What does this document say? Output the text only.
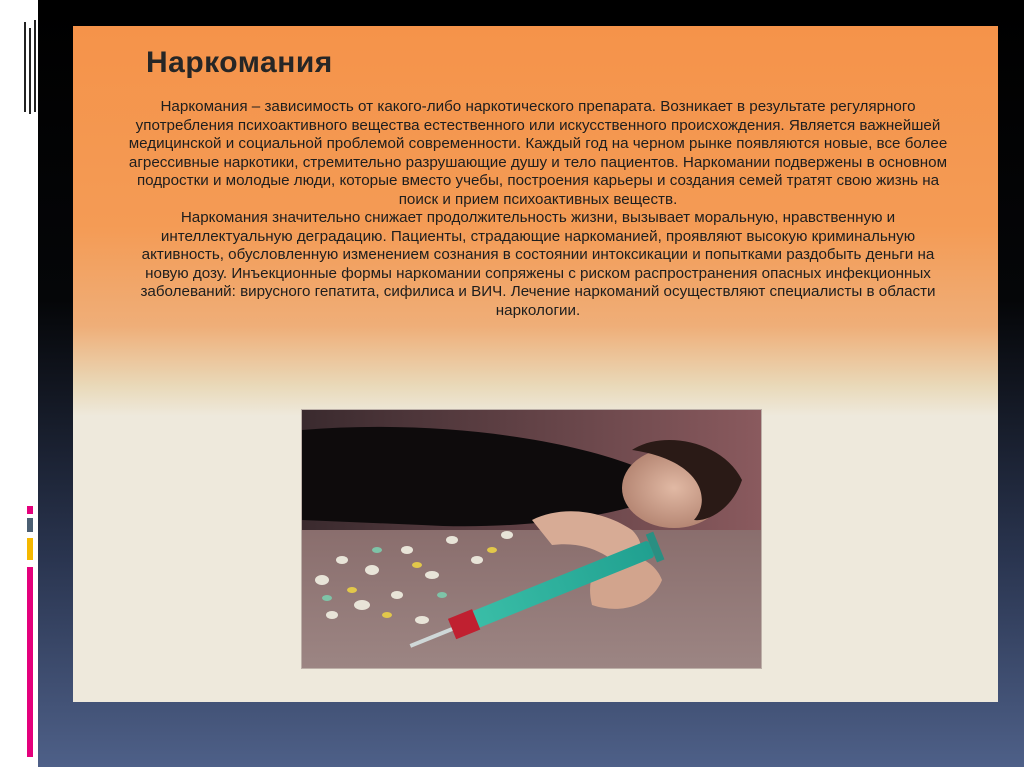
Наркомания

Наркомания – зависимость от какого-либо наркотического препарата. Возникает в результате регулярного употребления психоактивного вещества естественного или искусственного происхождения. Является важнейшей медицинской и социальной проблемой современности. Каждый год на черном рынке появляются новые, все более агрессивные наркотики, стремительно разрушающие душу и тело пациентов. Наркомании подвержены в основном подростки и молодые люди, которые вместо учебы, построения карьеры и создания семей тратят свою жизнь на поиск и прием психоактивных веществ.

Наркомания значительно снижает продолжительность жизни, вызывает моральную, нравственную и интеллектуальную деградацию. Пациенты, страдающие наркоманией, проявляют высокую криминальную активность, обусловленную изменением сознания в состоянии интоксикации и попытками раздобыть деньги на новую дозу. Инъекционные формы наркомании сопряжены с риском распространения опасных инфекционных заболеваний: вирусного гепатита, сифилиса и ВИЧ. Лечение наркоманий осуществляют специалисты в области наркологии.
